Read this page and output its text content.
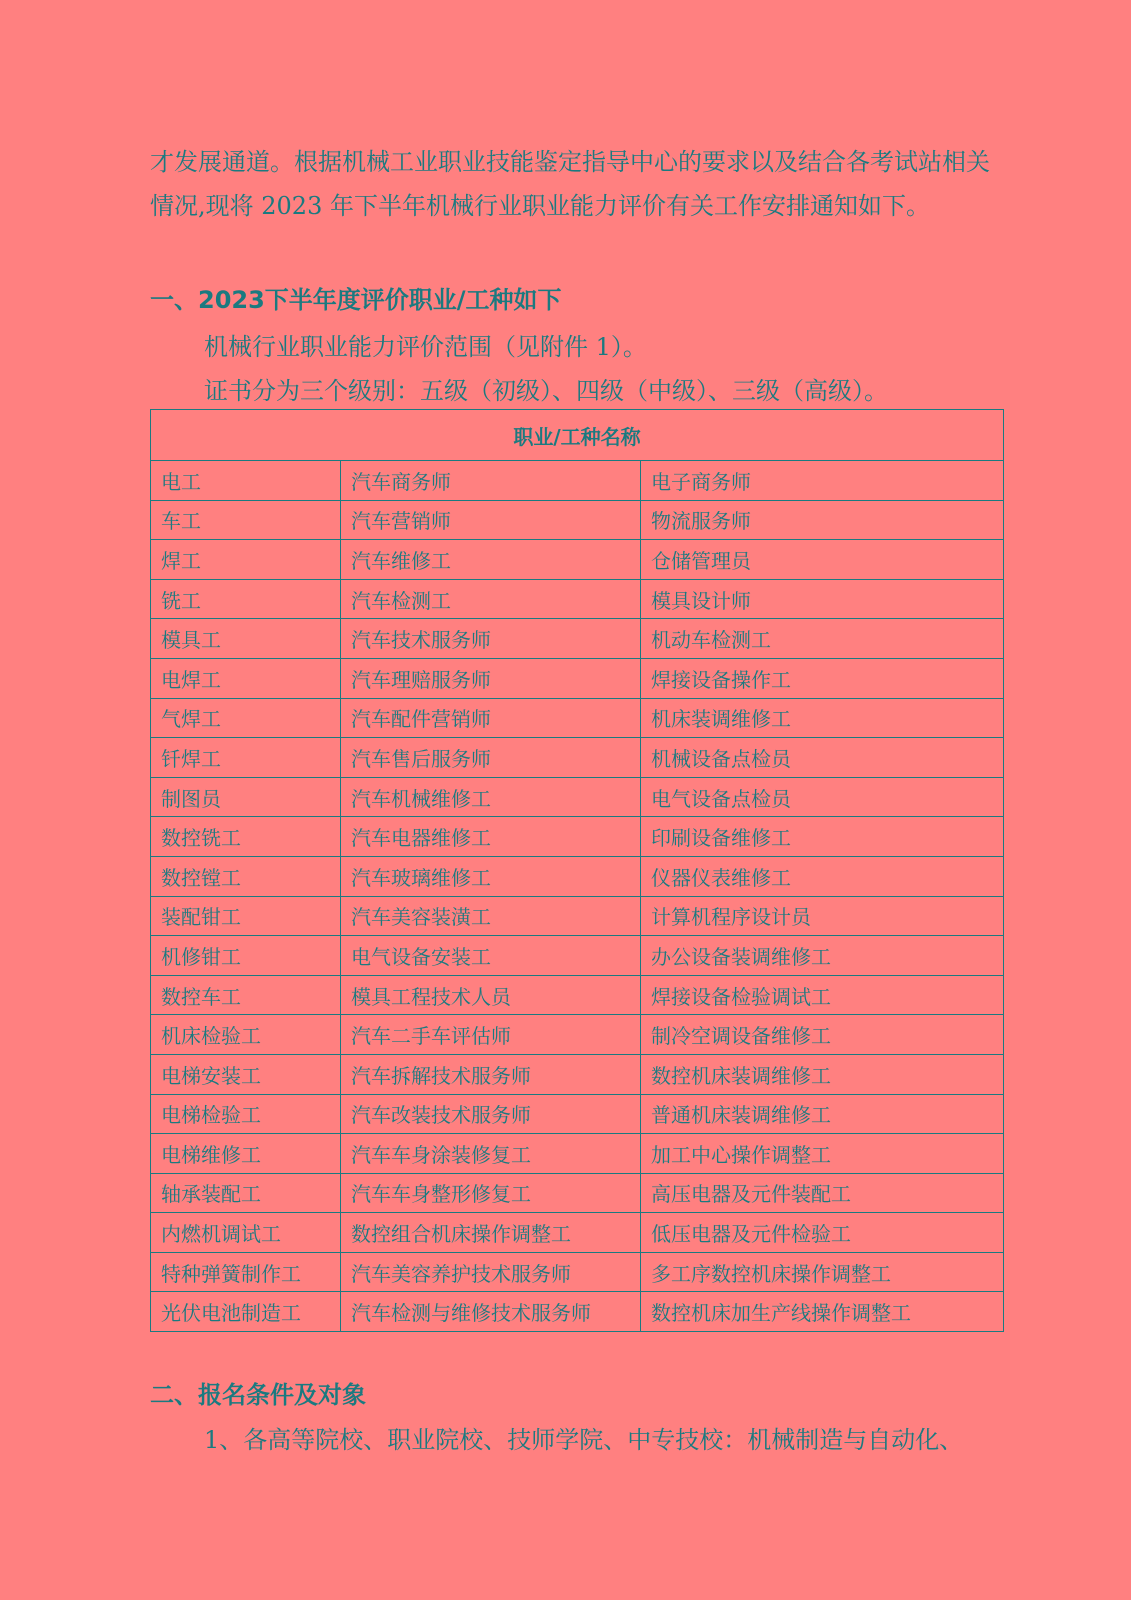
才发展通道。根据机械工业职业技能鉴定指导中心的要求以及结合各考试站相关情况,现将 2023 年下半年机械行业职业能力评价有关工作安排通知如下。

一、2023下半年度评价职业/工种如下

机械行业职业能力评价范围（见附件 1）。

证书分为三个级别：五级（初级）、四级（中级）、三级（高级）。

职业/工种名称		
电工	汽车商务师	电子商务师
车工	汽车营销师	物流服务师
焊工	汽车维修工	仓储管理员
铣工	汽车检测工	模具设计师
模具工	汽车技术服务师	机动车检测工
电焊工	汽车理赔服务师	焊接设备操作工
气焊工	汽车配件营销师	机床装调维修工
钎焊工	汽车售后服务师	机械设备点检员
制图员	汽车机械维修工	电气设备点检员
数控铣工	汽车电器维修工	印刷设备维修工
数控镗工	汽车玻璃维修工	仪器仪表维修工
装配钳工	汽车美容装潢工	计算机程序设计员
机修钳工	电气设备安装工	办公设备装调维修工
数控车工	模具工程技术人员	焊接设备检验调试工
机床检验工	汽车二手车评估师	制冷空调设备维修工
电梯安装工	汽车拆解技术服务师	数控机床装调维修工
电梯检验工	汽车改装技术服务师	普通机床装调维修工
电梯维修工	汽车车身涂装修复工	加工中心操作调整工
轴承装配工	汽车车身整形修复工	高压电器及元件装配工
内燃机调试工	数控组合机床操作调整工	低压电器及元件检验工
特种弹簧制作工	汽车美容养护技术服务师	多工序数控机床操作调整工
光伏电池制造工	汽车检测与维修技术服务师	数控机床加生产线操作调整工
二、报名条件及对象

1、各高等院校、职业院校、技师学院、中专技校：机械制造与自动化、
